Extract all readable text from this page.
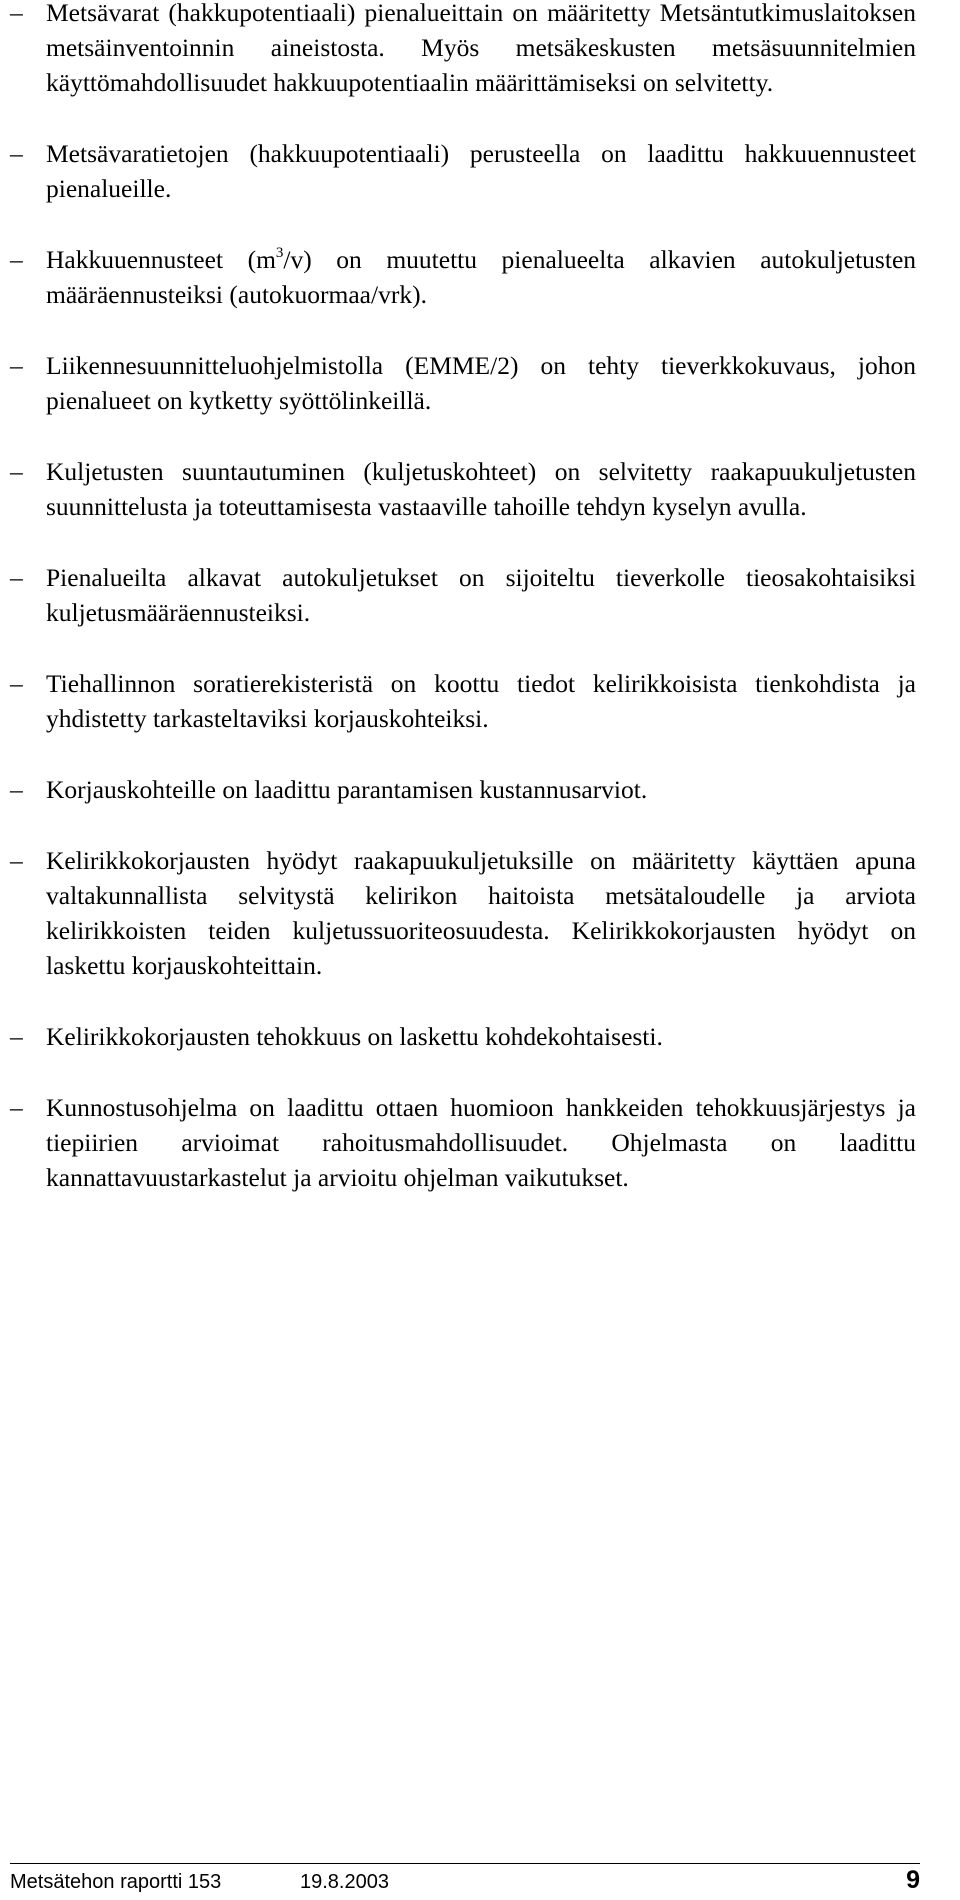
– Metsävarat (hakkupotentiaali) pienalueittain on määritetty Metsäntutkimuslaitoksen metsäinventoinnin aineistosta. Myös metsäkeskusten metsäsuunnitelmien käyttömahdollisuudet hakkuupotentiaalin määrittämiseksi on selvitetty.
– Metsävaratietojen (hakkuupotentiaali) perusteella on laadittu hakkuuennusteet pienalueille.
– Hakkuuennusteet $(m^3/v)$ on muutettu pienalueelta alkavien autokuljetusten määräennusteiksi (autokuormaa/vrk).
– Liikennesuunnitteluohjelmistolla (EMME/2) on tehty tieverkkokuvaus, johon pienalueet on kytketty syöttölinkeillä.
– Kuljetusten suuntautuminen (kuljetuskohteet) on selvitetty raakapuukuljetusten suunnittelusta ja toteuttamisesta vastaaville tahoille tehdyn kyselyn avulla.
– Pienalueilta alkavat autokuljetukset on sijoiteltu tieverkolle tieosakohtaisiksi kuljetusmääräennusteiksi.
– Tiehallinnon soratierekisteristä on koottu tiedot kelirikkoisista tienkohdista ja yhdistetty tarkasteltaviksi korjauskohteiksi.
– Korjauskohteille on laadittu parantamisen kustannusarviot.
– Kelirikkokorjausten hyödyt raakapuukuljetuksille on määritetty käyttäen apuna valtakunnallista selvitystä kelirikon haitoista metsätaloudelle ja arviota kelirikkoisten teiden kuljetussuoriteosuudesta. Kelirikkokorjausten hyödyt on laskettu korjauskohteittain.
– Kelirikkokorjausten tehokkuus on laskettu kohdekohtaisesti.
– Kunnostusohjelma on laadittu ottaen huomioon hankkeiden tehokkuusjärjestys ja tiepiirien arvioimat rahoitusmahdollisuudet. Ohjelmasta on laadittu kannattavuustarkastelut ja arvioitu ohjelman vaikutukset.
Metsätehon raportti 153	19.8.2003	9
